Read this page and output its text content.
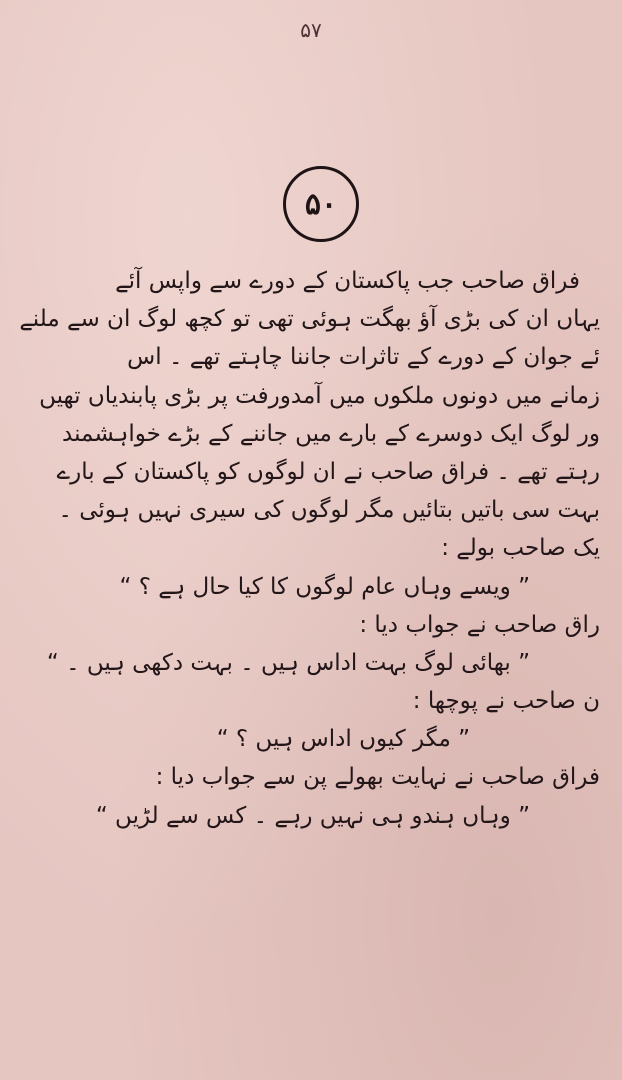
۵۷
۵۰
فراق صاحب جب پاکستان کے دورے سے واپس آئے
یہاں ان کی بڑی آؤ بھگت ہوئی تھی تو کچھ لوگ ان سے ملنے
ئے جوان کے دورے کے تاثرات جاننا چاہتے تھے ۔ اس
زمانے میں دونوں ملکوں میں آمدورفت پر بڑی پابندیاں تھیں
ور لوگ ایک دوسرے کے بارے میں جاننے کے بڑے خواہشمند
رہتے تھے ۔ فراق صاحب نے ان لوگوں کو پاکستان کے بارے
بہت سی باتیں بتائیں مگر لوگوں کی سیری نہیں ہوئی ۔
یک صاحب بولے :
” ویسے وہاں عام لوگوں کا کیا حال ہے ؟ “
راق صاحب نے جواب دیا :
” بھائی لوگ بہت اداس ہیں ۔ بہت دکھی ہیں ۔ “
ن صاحب نے پوچھا :
” مگر کیوں اداس ہیں ؟ “
فراق صاحب نے نہایت بھولے پن سے جواب دیا :
” وہاں ہندو ہی نہیں رہے ۔ کس سے لڑیں “
